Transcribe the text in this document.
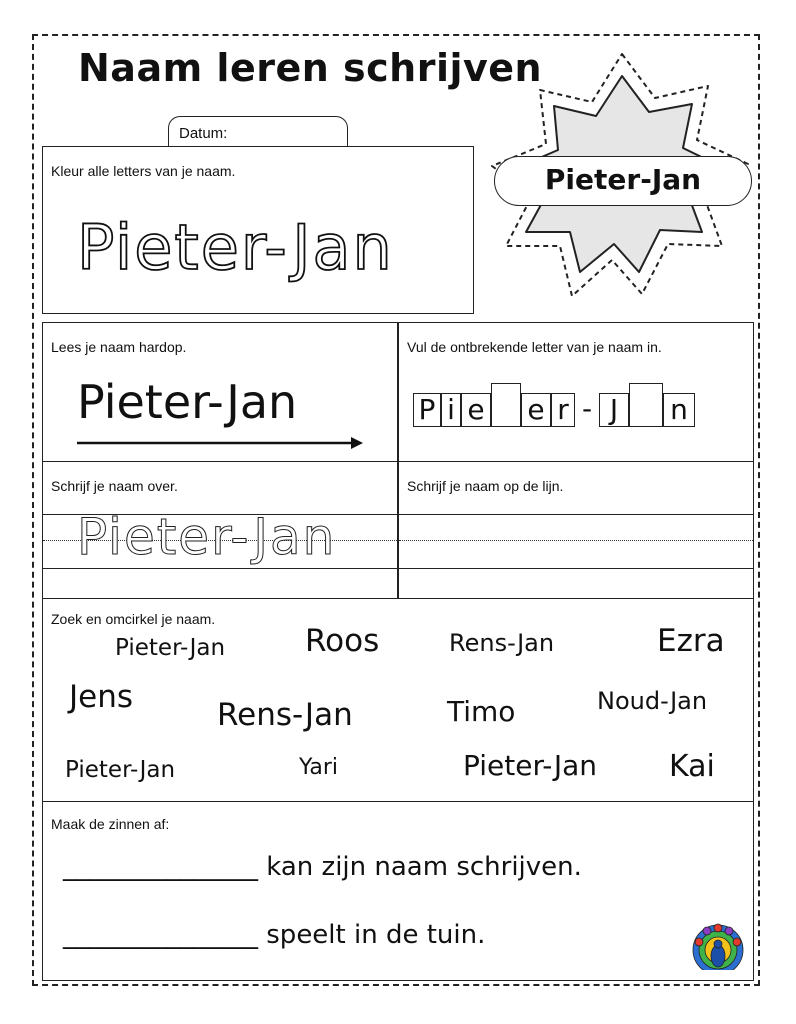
Naam leren schrijven
Datum:
Kleur alle letters van je naam.
Pieter-Jan
Pieter-Jan
Lees je naam hardop.
Pieter-Jan
Vul de ontbrekende letter van je naam in.
P i e e r - J n
Schrijf je naam over.
Pieter-Jan
Schrijf je naam op de lijn.
Zoek en omcirkel je naam.
Pieter-Jan	Roos	Rens-Jan	Ezra
Jens	Rens-Jan	Timo	Noud-Jan
Pieter-Jan	Yari	Pieter-Jan Kai
Maak de zinnen af:
_______________ kan zijn naam schrijven.
_______________ speelt in de tuin.
